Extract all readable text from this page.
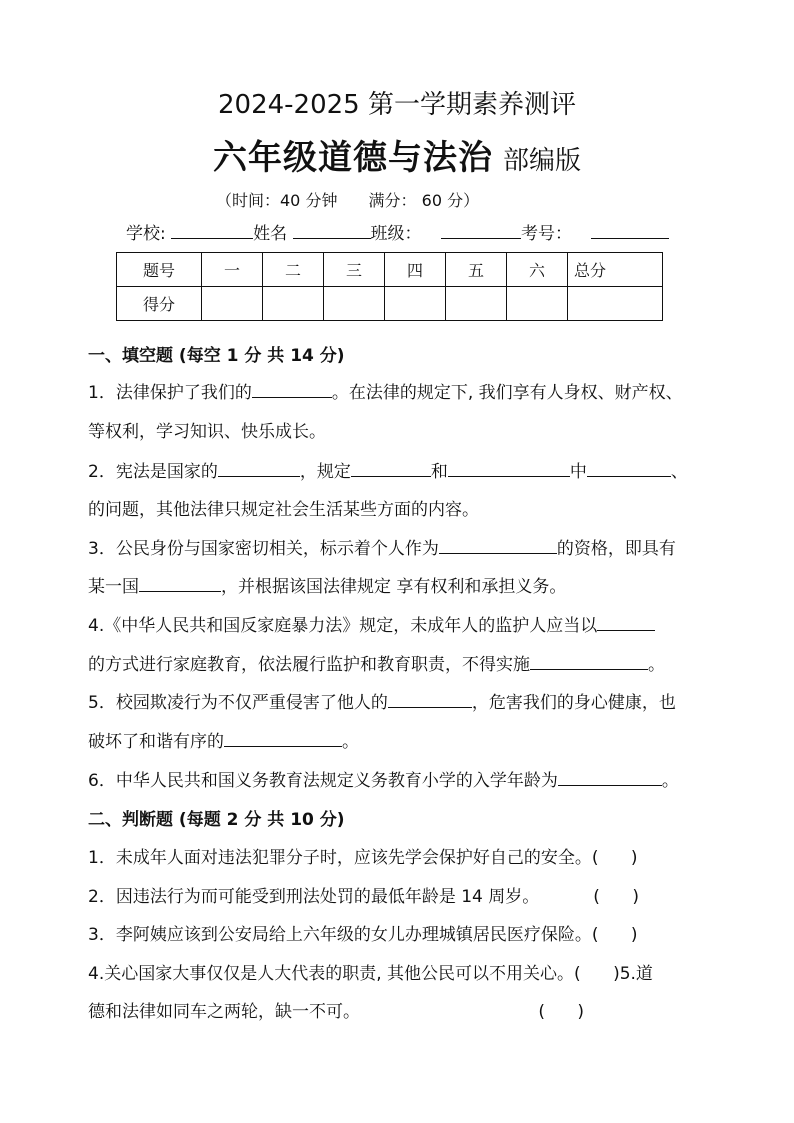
2024-2025 第一学期素养测评
六年级道德与法治 部编版
（时间：40 分钟 满分： 60 分）
学校:	姓名	班级：	考号：
题号	一	二	三	四	五	六	总分
得分							
一、填空题 (每空 1 分 共 14 分)
1．法律保护了我们的	。在法律的规定下, 我们享有人身权、财产权、
等权利，学习知识、快乐成长。
2．宪法是国家的	，规定	和	中	、
的问题，其他法律只规定社会生活某些方面的内容。
3．公民身份与国家密切相关，标示着个人作为	的资格，即具有
某一国	，并根据该国法律规定 享有权利和承担义务。
4.《中华人民共和国反家庭暴力法》规定，未成年人的监护人应当以
的方式进行家庭教育，依法履行监护和教育职责，不得实施	。
5．校园欺凌行为不仅严重侵害了他人的	，危害我们的身心健康，也
破坏了和谐有序的	。
6．中华人民共和国义务教育法规定义务教育小学的入学年龄为	。
二、判断题 (每题 2 分 共 10 分)
1．未成年人面对违法犯罪分子时，应该先学会保护好自己的安全。(      )
2．因违法行为而可能受到刑法处罚的最低年龄是 14 周岁。          (      )
3．李阿姨应该到公安局给上六年级的女儿办理城镇居民医疗保险。(      )
4.关心国家大事仅仅是人大代表的职责, 其他公民可以不用关心。(      )5.道
德和法律如同车之两轮，缺一不可。                                 (      )
